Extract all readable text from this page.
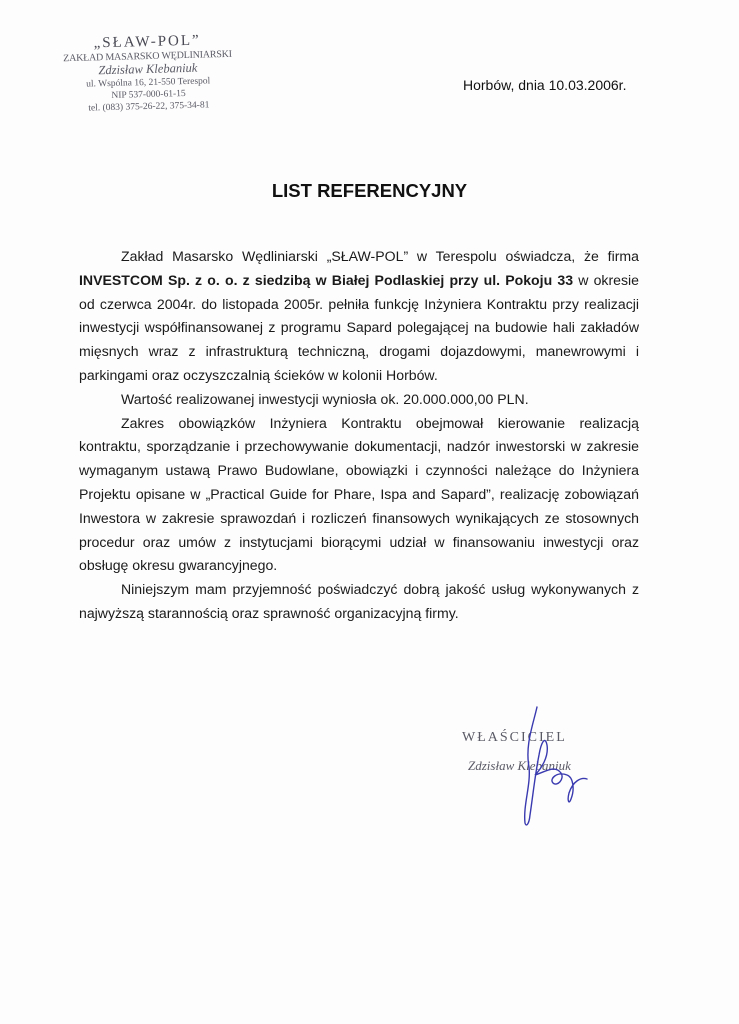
„SŁAW-POL”
ZAKŁAD MASARSKO WĘDLINIARSKI
Zdzisław Klebaniuk
ul. Wspólna 16, 21-550 Terespol
NIP 537-000-61-15
tel. (083) 375-26-22, 375-34-81
Horbów, dnia 10.03.2006r.
LIST REFERENCYJNY

Zakład Masarsko Wędliniarski „SŁAW-POL” w Terespolu oświadcza, że firma INVESTCOM Sp. z o. o. z siedzibą w Białej Podlaskiej przy ul. Pokoju 33 w okresie od czerwca 2004r. do listopada 2005r. pełniła funkcję Inżyniera Kontraktu przy realizacji inwestycji współfinansowanej z programu Sapard polegającej na budowie hali zakładów mięsnych wraz z infrastrukturą techniczną, drogami dojazdowymi, manewrowymi i parkingami oraz oczyszczalnią ścieków w kolonii Horbów.

Wartość realizowanej inwestycji wyniosła ok. 20.000.000,00 PLN.

Zakres obowiązków Inżyniera Kontraktu obejmował kierowanie realizacją kontraktu, sporządzanie i przechowywanie dokumentacji, nadzór inwestorski w zakresie wymaganym ustawą Prawo Budowlane, obowiązki i czynności należące do Inżyniera Projektu opisane w „Practical Guide for Phare, Ispa and Sapard”, realizację zobowiązań Inwestora w zakresie sprawozdań i rozliczeń finansowych wynikających ze stosownych procedur oraz umów z instytucjami biorącymi udział w finansowaniu inwestycji oraz obsługę okresu gwarancyjnego.

Niniejszym mam przyjemność poświadczyć dobrą jakość usług wykonywanych z najwyższą starannością oraz sprawność organizacyjną firmy.

WŁAŚCICIEL
Zdzisław Klebaniuk
